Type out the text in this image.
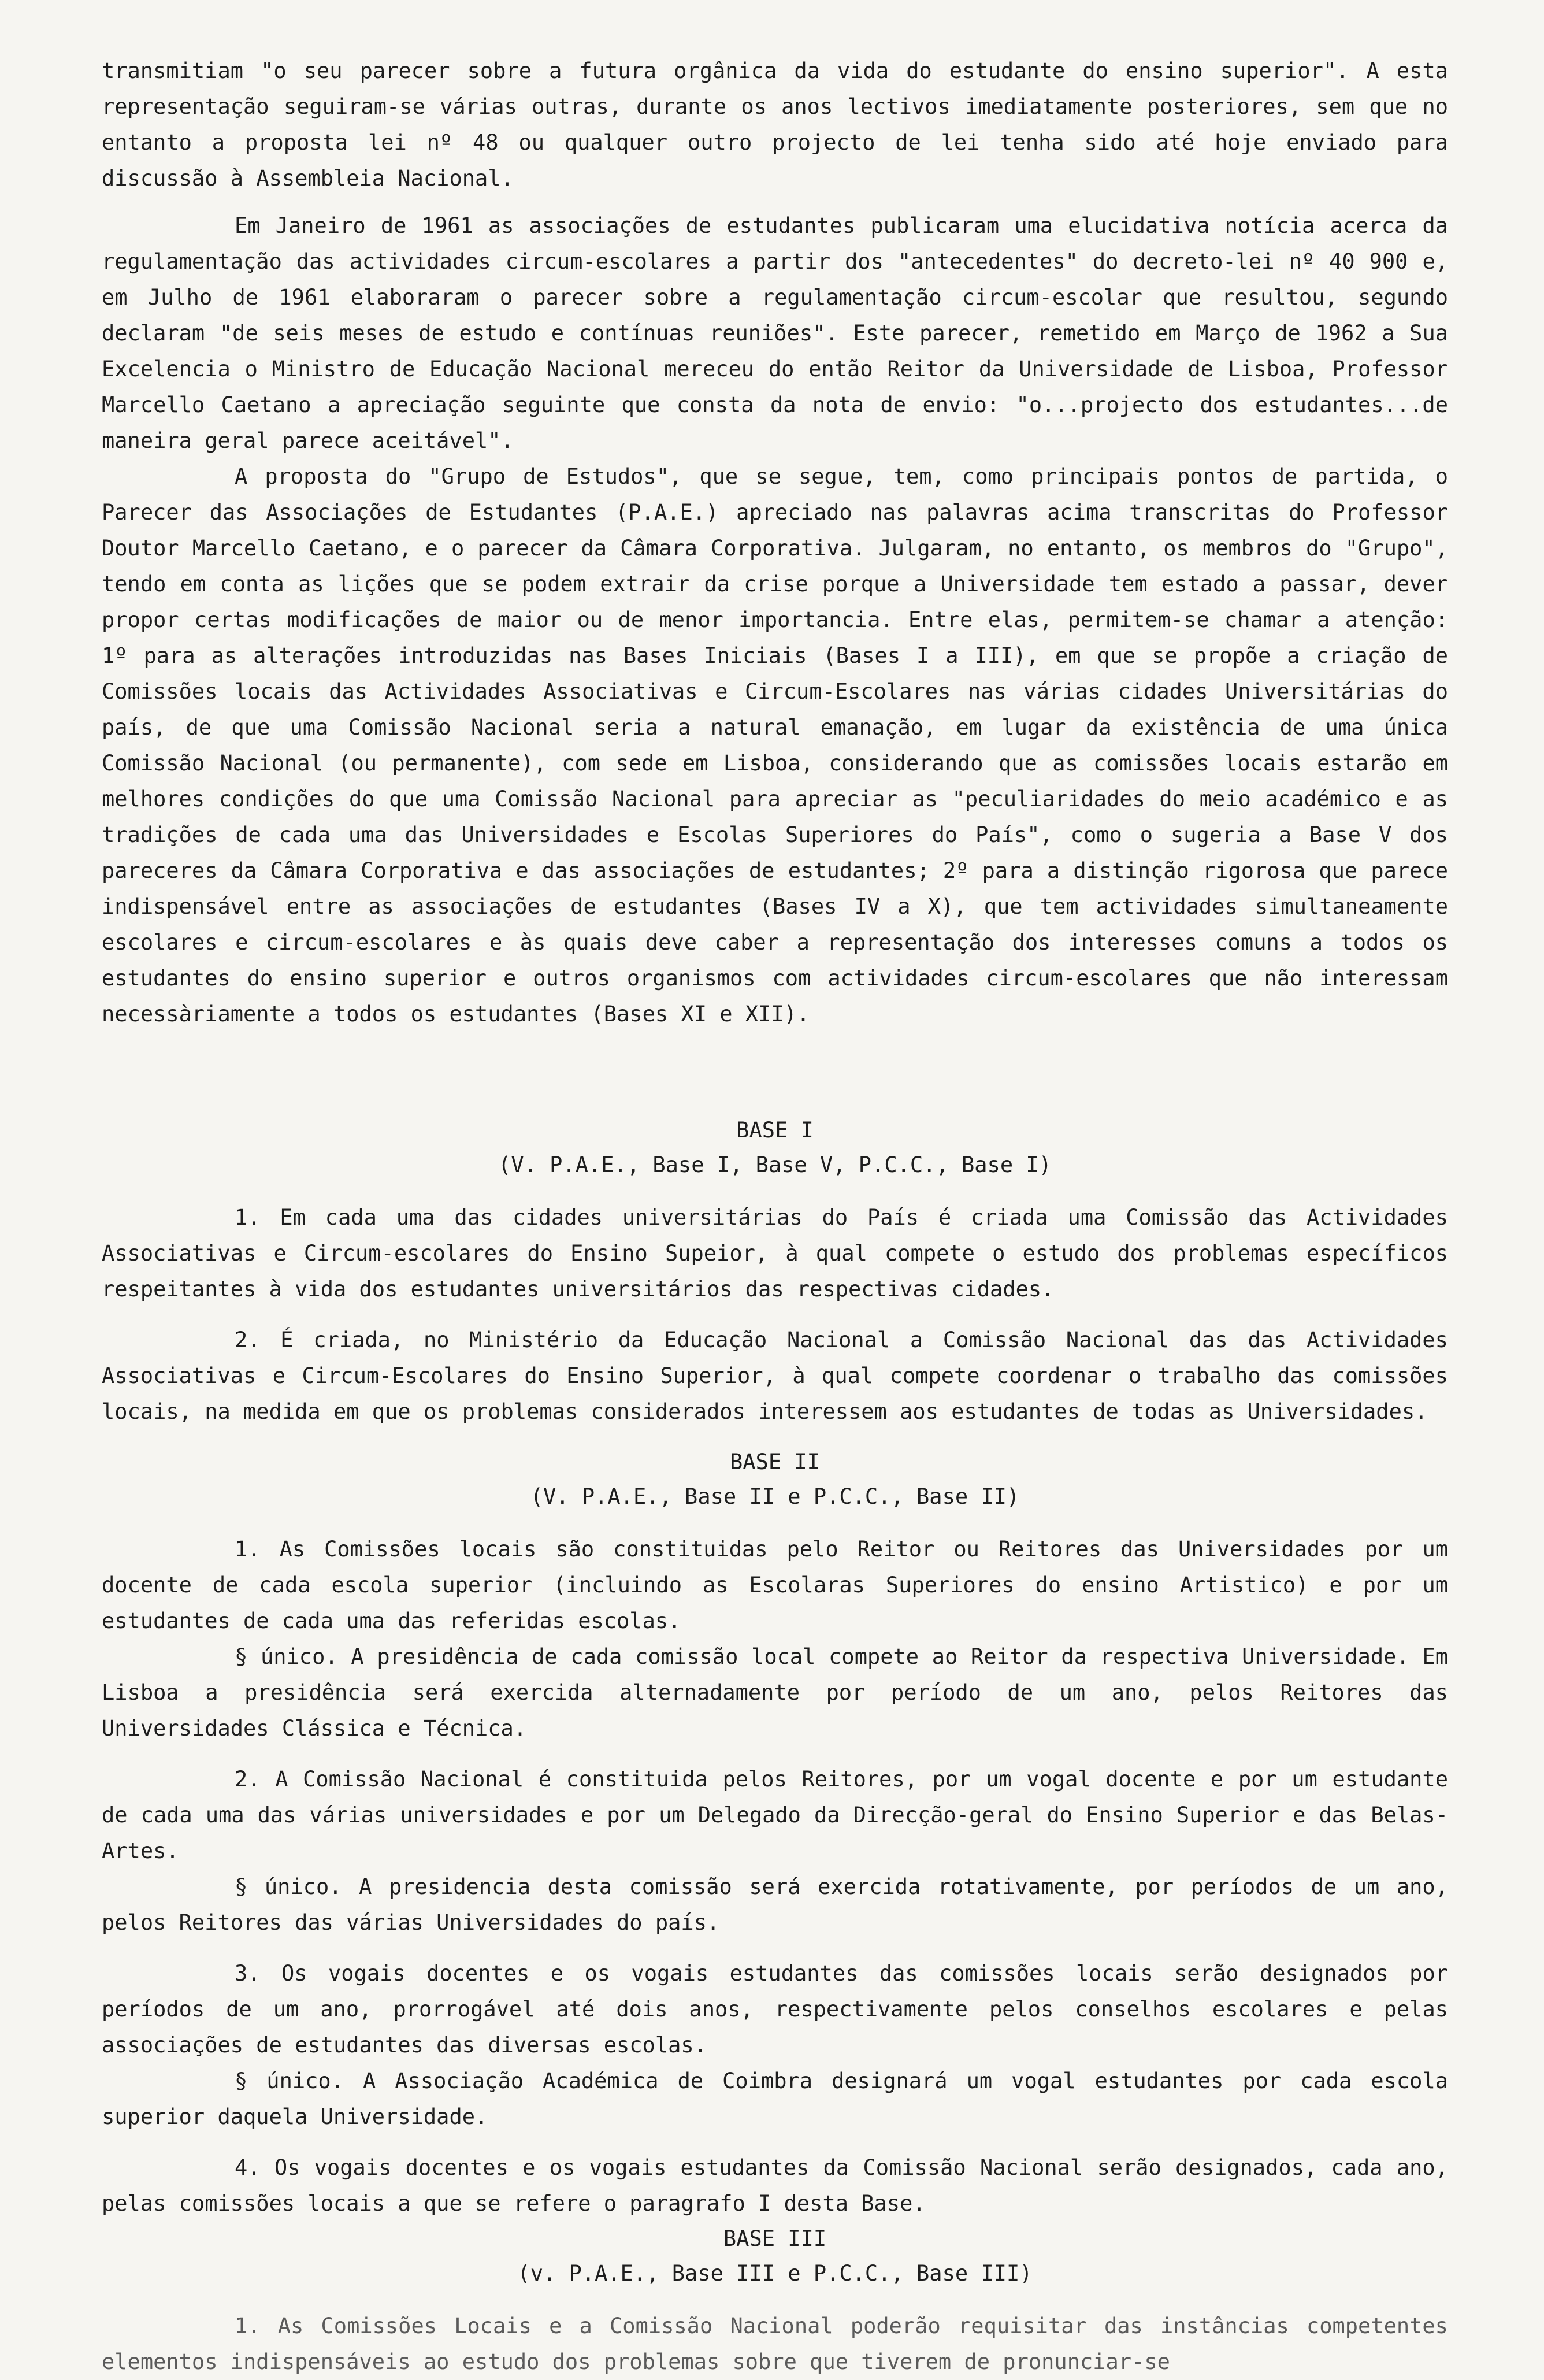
transmitiam "o seu parecer sobre a futura orgânica da vida do estudante do ensino superior". A esta representação seguiram-se várias outras, durante os anos lectivos imediatamente posteriores, sem que no entanto a proposta lei nº 48 ou qualquer outro projecto de lei tenha sido até hoje enviado para discussão à Assembleia Nacional.

Em Janeiro de 1961 as associações de estudantes publicaram uma elucidativa notícia acerca da regulamentação das actividades circum-escolares a partir dos "antecedentes" do decreto-lei nº 40 900 e, em Julho de 1961 elaboraram o parecer sobre a regulamentação circum-escolar que resultou, segundo declaram "de seis meses de estudo e contínuas reuniões". Este parecer, remetido em Março de 1962 a Sua Excelencia o Ministro de Educação Nacional mereceu do então Reitor da Universidade de Lisboa, Professor Marcello Caetano a apreciação seguinte que consta da nota de envio: "o...projecto dos estudantes...de maneira geral parece aceitável".

A proposta do "Grupo de Estudos", que se segue, tem, como principais pontos de partida, o Parecer das Associações de Estudantes (P.A.E.) apreciado nas palavras acima transcritas do Professor Doutor Marcello Caetano, e o parecer da Câmara Corporativa. Julgaram, no entanto, os membros do "Grupo", tendo em conta as lições que se podem extrair da crise porque a Universidade tem estado a passar, dever propor certas modificações de maior ou de menor importancia. Entre elas, permitem-se chamar a atenção: 1º para as alterações introduzidas nas Bases Iniciais (Bases I a III), em que se propõe a criação de Comissões locais das Actividades Associativas e Circum-Escolares nas várias cidades Universitárias do país, de que uma Comissão Nacional seria a natural emanação, em lugar da existência de uma única Comissão Nacional (ou permanente), com sede em Lisboa, considerando que as comissões locais estarão em melhores condições do que uma Comissão Nacional para apreciar as "peculiaridades do meio académico e as tradições de cada uma das Universidades e Escolas Superiores do País", como o sugeria a Base V dos pareceres da Câmara Corporativa e das associações de estudantes; 2º para a distinção rigorosa que parece indispensável entre as associações de estudantes (Bases IV a X), que tem actividades simultaneamente escolares e circum-escolares e às quais deve caber a representação dos interesses comuns a todos os estudantes do ensino superior e outros organismos com actividades circum-escolares que não interessam necessàriamente a todos os estudantes (Bases XI e XII).

BASE I

(V. P.A.E., Base I, Base V, P.C.C., Base I)

1. Em cada uma das cidades universitárias do País é criada uma Comissão das Actividades Associativas e Circum-escolares do Ensino Supeior, à qual compete o estudo dos problemas específicos respeitantes à vida dos estudantes universitários das respectivas cidades.

2. É criada, no Ministério da Educação Nacional a Comissão Nacional das das Actividades Associativas e Circum-Escolares do Ensino Superior, à qual compete coordenar o trabalho das comissões locais, na medida em que os problemas considerados interessem aos estudantes de todas as Universidades.

BASE II

(V. P.A.E., Base II e P.C.C., Base II)

1. As Comissões locais são constituidas pelo Reitor ou Reitores das Universidades por um docente de cada escola superior (incluindo as Escolaras Superiores do ensino Artistico) e por um estudantes de cada uma das referidas escolas.

§ único. A presidência de cada comissão local compete ao Reitor da respectiva Universidade. Em Lisboa a presidência será exercida alternadamente por período de um ano, pelos Reitores das Universidades Clássica e Técnica.

2. A Comissão Nacional é constituida pelos Reitores, por um vogal docente e por um estudante de cada uma das várias universidades e por um Delegado da Direcção-geral do Ensino Superior e das Belas-Artes.

§ único. A presidencia desta comissão será exercida rotativamente, por períodos de um ano, pelos Reitores das várias Universidades do país.

3. Os vogais docentes e os vogais estudantes das comissões locais serão designados por períodos de um ano, prorrogável até dois anos, respectivamente pelos conselhos escolares e pelas associações de estudantes das diversas escolas.

§ único. A Associação Académica de Coimbra designará um vogal estudantes por cada escola superior daquela Universidade.

4. Os vogais docentes e os vogais estudantes da Comissão Nacional serão designados, cada ano, pelas comissões locais a que se refere o paragrafo I desta Base.

BASE III

(v. P.A.E., Base III e P.C.C., Base III)

1. As Comissões Locais e a Comissão Nacional poderão requisitar das instâncias competentes elementos indispensáveis ao estudo dos problemas sobre que tiverem de pronunciar-se
